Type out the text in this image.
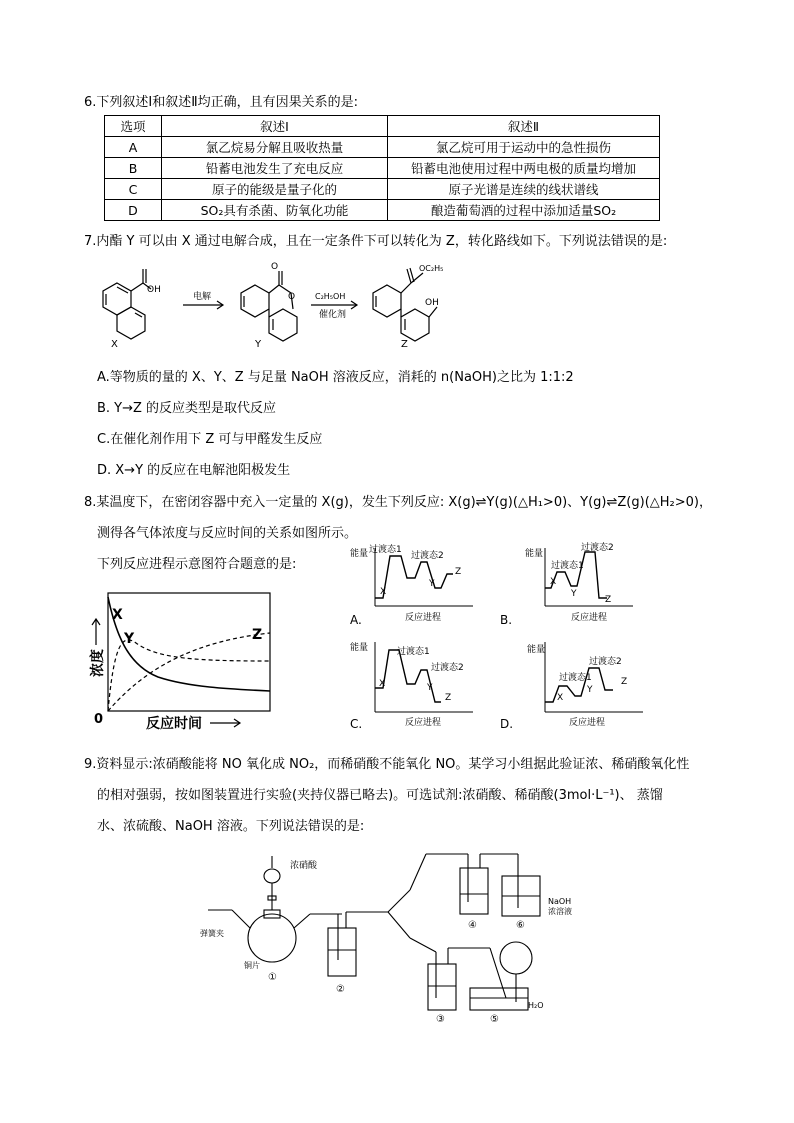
6.下列叙述Ⅰ和叙述Ⅱ均正确，且有因果关系的是:
选项	叙述Ⅰ	叙述Ⅱ
A	氯乙烷易分解且吸收热量	氯乙烷可用于运动中的急性损伤
B	铅蓄电池发生了充电反应	铅蓄电池使用过程中两电极的质量均增加
C	原子的能级是量子化的	原子光谱是连续的线状谱线
D	SO₂具有杀菌、防氧化功能	酿造葡萄酒的过程中添加适量SO₂
7.内酯 Y 可以由 X 通过电解合成，且在一定条件下可以转化为 Z，转化路线如下。下列说法错误的是:
OH
X
电解
O
O
Y
C₂H₅OH
催化剂
OC₂H₅
OH
Z
A.等物质的量的 X、Y、Z 与足量 NaOH 溶液反应，消耗的 n(NaOH)之比为 1:1:2
B. Y→Z 的反应类型是取代反应
C.在催化剂作用下 Z 可与甲醛发生反应
D. X→Y 的反应在电解池阳极发生
8.某温度下，在密闭容器中充入一定量的 X(g)，发生下列反应: X(g)⇌Y(g)(△H₁>0)、Y(g)⇌Z(g)(△H₂>0)，
测得各气体浓度与反应时间的关系如图所示。
下列反应进程示意图符合题意的是:
X
Y	Z
0	反应时间
浓度
能量 过渡态1
过渡态2
X
Y
Z
反应进程
A.
能量
过渡态1
过渡态2
X
Y
Z
反应进程
B.
能量	过渡态1
过渡态2
X	Y
Z
反应进程
C.
能量
过渡态1
过渡态2
X
Y
Z
反应进程
D.
9.资料显示:浓硝酸能将 NO 氧化成 NO₂，而稀硝酸不能氧化 NO。某学习小组据此验证浓、稀硝酸氧化性
的相对强弱，按如图装置进行实验(夹持仪器已略去)。可选试剂:浓硝酸、稀硝酸(3mol·L⁻¹)、 蒸馏
水、浓硫酸、NaOH 溶液。下列说法错误的是:
浓硝酸
弹簧夹
铜片
①
②
③
④
⑤
⑥
NaOH
浓溶液
H₂O
